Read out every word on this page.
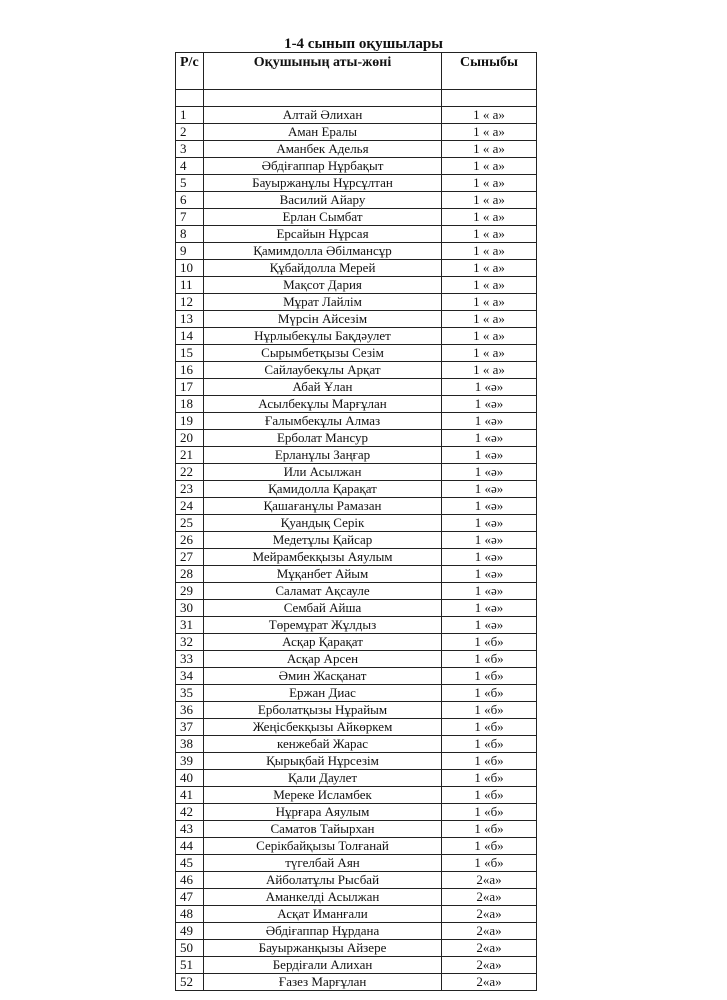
1-4 сынып оқушылары
Р/с	Оқушының аты-жөні	Сыныбы

1	Алтай Әлихан	1 « а»
2	Аман Ералы	1 « а»
3	Аманбек Аделья	1 « а»
4	Әбдіғаппар Нұрбақыт	1 « а»
5	Бауыржанұлы Нұрсұлтан	1 « а»
6	Василий Айару	1 « а»
7	Ерлан Сымбат	1 « а»
8	Ерсайын Нұрсая	1 « а»
9	Қамимдолла Әбілмансұр	1 « а»
10	Құбайдолла Мерей	1 « а»
11	Мақсот Дария	1 « а»
12	Мұрат Лайлім	1 « а»
13	Мүрсін Айсезім	1 « а»
14	Нұрлыбекұлы Бақдәулет	1 « а»
15	Сырымбетқызы Сезім	1 « а»
16	Сайлаубекұлы Арқат	1 « а»
17	Абай Ұлан	1 «ә»
18	Асылбекұлы Марғұлан	1 «ә»
19	Ғалымбекұлы Алмаз	1 «ә»
20	Ерболат Мансур	1 «ә»
21	Ерланұлы Заңғар	1 «ә»
22	Или Асылжан	1 «ә»
23	Қамидолла Қарақат	1 «ә»
24	Қашағанұлы Рамазан	1 «ә»
25	Қуандық Серік	1 «ә»
26	Медетұлы Қайсар	1 «ә»
27	Мейрамбекқызы Аяулым	1 «ә»
28	Мұқанбет Айым	1 «ә»
29	Саламат Ақсауле	1 «ә»
30	Сембай Айша	1 «ә»
31	Төремұрат Жұлдыз	1 «ә»
32	Асқар Қарақат	1 «б»
33	Асқар Арсен	1 «б»
34	Әмин Жасқанат	1 «б»
35	Ержан Диас	1 «б»
36	Ерболатқызы Нұрайым	1 «б»
37	Жеңісбекқызы Айкөркем	1 «б»
38	кенжебай Жарас	1 «б»
39	Қырықбай Нұрсезім	1 «б»
40	Қали Даулет	1 «б»
41	Мереке Исламбек	1 «б»
42	Нұрғара Аяулым	1 «б»
43	Саматов Тайырхан	1 «б»
44	Серікбайқызы Толғанай	1 «б»
45	түгелбай Аян	1 «б»
46	Айболатұлы Рысбай	2«а»
47	Аманкелді Асылжан	2«а»
48	Асқат Иманғали	2«а»
49	Әбдіғаппар Нұрдана	2«а»
50	Бауыржанқызы Айзере	2«а»
51	Бердіғали Алихан	2«а»
52	Ғазез Марғұлан	2«а»
